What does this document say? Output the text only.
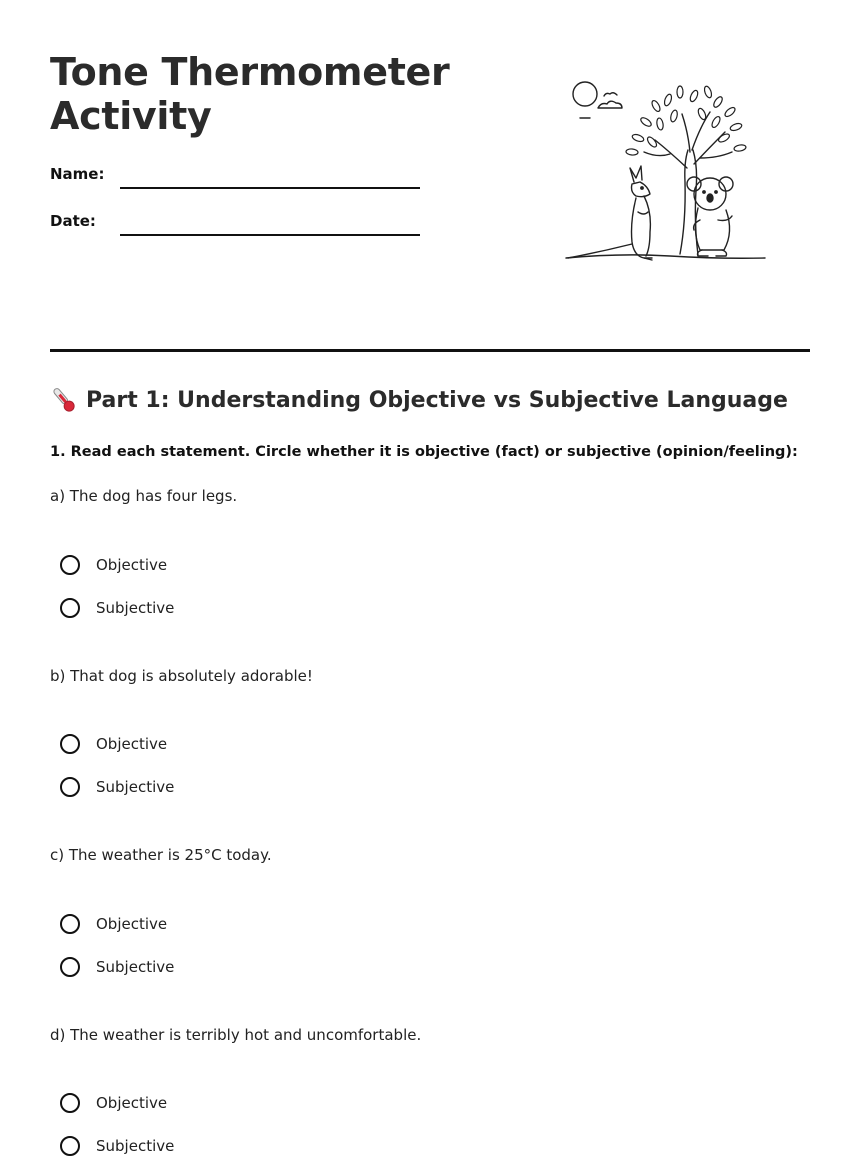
Tone Thermometer Activity
Name:
Date:
Part 1: Understanding Objective vs Subjective Language

1. Read each statement. Circle whether it is objective (fact) or subjective (opinion/feeling):

a) The dog has four legs.

Objective
Subjective

b) That dog is absolutely adorable!

Objective
Subjective

c) The weather is 25°C today.

Objective
Subjective

d) The weather is terribly hot and uncomfortable.

Objective
Subjective
